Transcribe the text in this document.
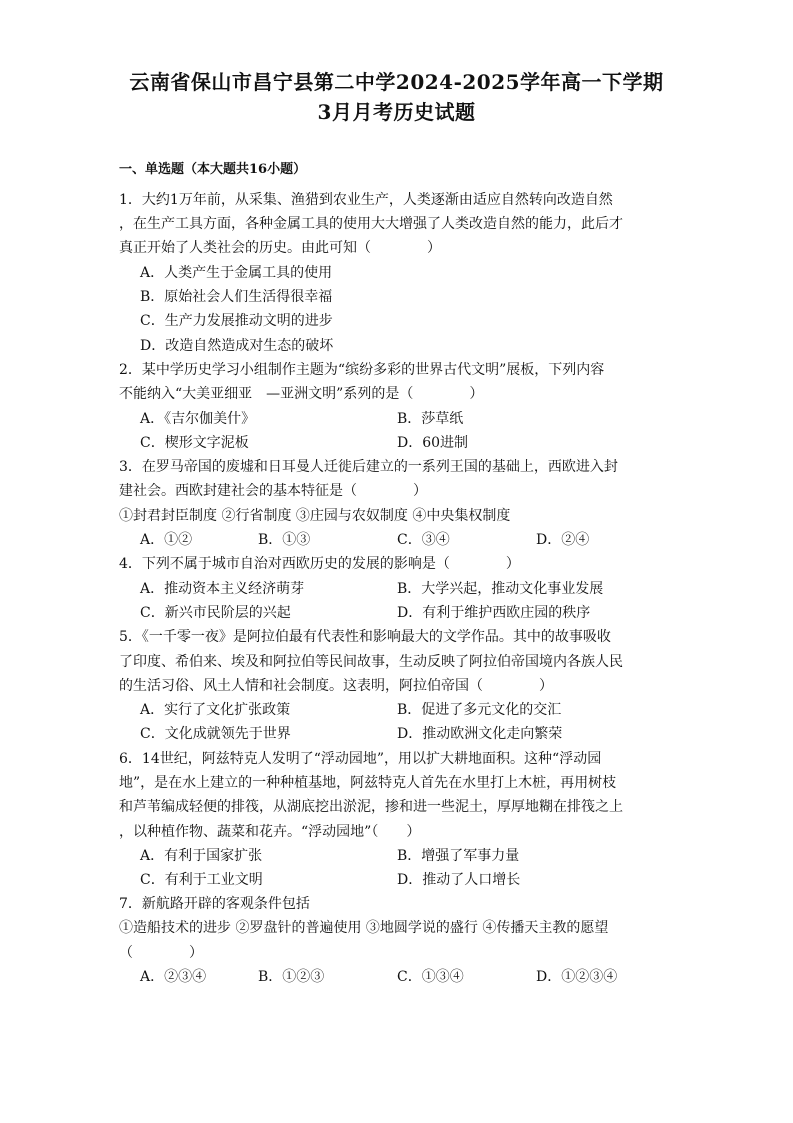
云南省保山市昌宁县第二中学2024-2025学年高一下学期
3月月考历史试题
一、单选题（本大题共16小题）
1．大约1万年前，从采集、渔猎到农业生产，人类逐渐由适应自然转向改造自然
，在生产工具方面，各种金属工具的使用大大增强了人类改造自然的能力，此后才
真正开始了人类社会的历史。由此可知（　　　　）
A．人类产生于金属工具的使用
B．原始社会人们生活得很幸福
C．生产力发展推动文明的进步
D．改造自然造成对生态的破坏
2．某中学历史学习小组制作主题为“缤纷多彩的世界古代文明”展板，下列内容
不能纳入“大美亚细亚　—亚洲文明”系列的是（　　　　）
A．《吉尔伽美什》	B．莎草纸
C．楔形文字泥板	D．60进制
3．在罗马帝国的废墟和日耳曼人迁徙后建立的一系列王国的基础上，西欧进入封
建社会。西欧封建社会的基本特征是（　　　　）
①封君封臣制度 ②行省制度 ③庄园与农奴制度 ④中央集权制度
A．①②	B．①③	C．③④	D．②④
4．下列不属于城市自治对西欧历史的发展的影响是（　　　　）
A．推动资本主义经济萌芽	B．大学兴起，推动文化事业发展
C．新兴市民阶层的兴起	D．有利于维护西欧庄园的秩序
5．《一千零一夜》是阿拉伯最有代表性和影响最大的文学作品。其中的故事吸收
了印度、希伯来、埃及和阿拉伯等民间故事，生动反映了阿拉伯帝国境内各族人民
的生活习俗、风土人情和社会制度。这表明，阿拉伯帝国（　　　　）
A．实行了文化扩张政策	B．促进了多元文化的交汇
C．文化成就领先于世界	D．推动欧洲文化走向繁荣
6．14世纪，阿兹特克人发明了“浮动园地”，用以扩大耕地面积。这种“浮动园
地”，是在水上建立的一种种植基地，阿兹特克人首先在水里打上木桩，再用树枝
和芦苇编成轻便的排筏，从湖底挖出淤泥，掺和进一些泥土，厚厚地糊在排筏之上
，以种植作物、蔬菜和花卉。“浮动园地”（　　）
A．有利于国家扩张	B．增强了军事力量
C．有利于工业文明	D．推动了人口增长
7．新航路开辟的客观条件包括
①造船技术的进步 ②罗盘针的普遍使用 ③地圆学说的盛行 ④传播天主教的愿望
（　　　　）
A．②③④	B．①②③	C．①③④	D．①②③④
